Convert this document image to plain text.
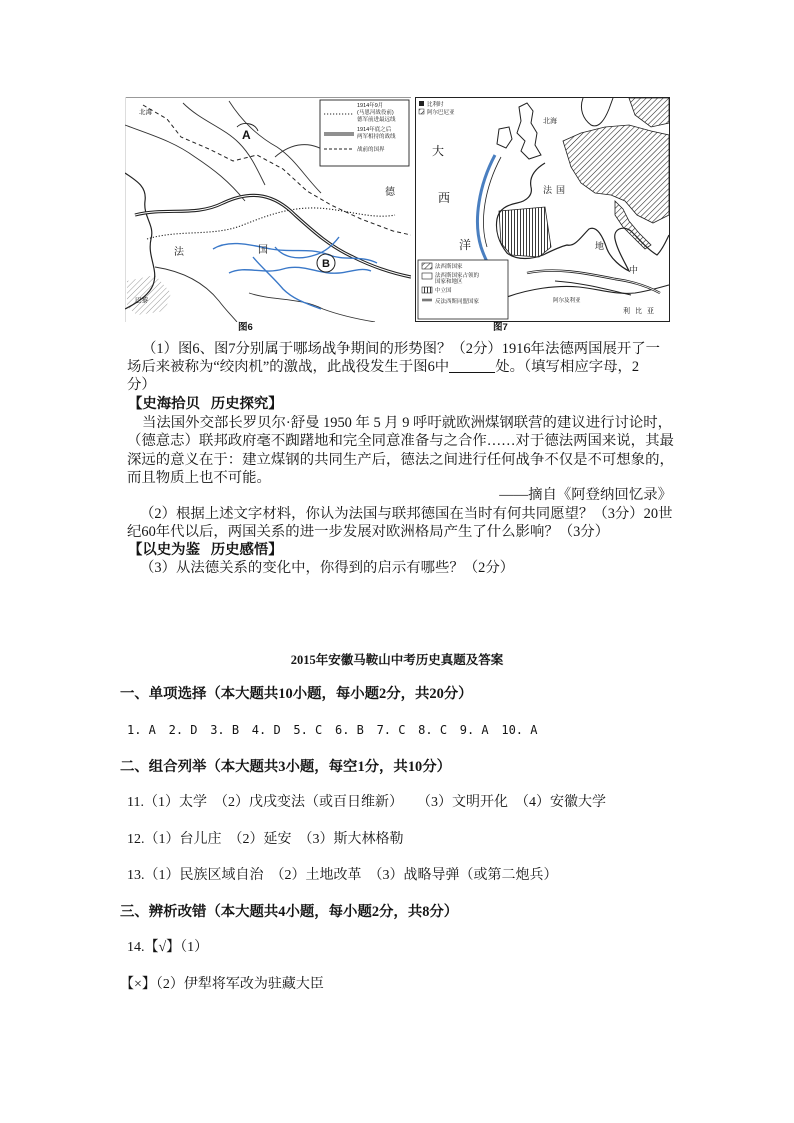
北海
A
B
德
法	国
巴黎
1914年9月
(马恩河战役前)
德军前进最远线
1914年底之后
两军相持的战线
战前的国界
图6
比利时
阿尔巴尼亚
大
西
洋
北海
法国
地
中
阿尔及利亚
利比亚
法西斯国家
法西斯国家占领的
国家和地区
中立国
反法西斯同盟国家
图7
（1）图6、图7分别属于哪场战争期间的形势图？（2分）1916年法德两国展开了一
场后来被称为“绞肉机”的激战，此战役发生于图6中	处。（填写相应字母，2
分）
【史海拾贝   历史探究】
当法国外交部长罗贝尔·舒曼 1950 年 5 月 9 呼吁就欧洲煤钢联营的建议进行讨论时，
（德意志）联邦政府毫不踟躇地和完全同意准备与之合作……对于德法两国来说，其最
深远的意义在于：建立煤钢的共同生产后，德法之间进行任何战争不仅是不可想象的，
而且物质上也不可能。
——摘自《阿登纳回忆录》
（2）根据上述文字材料，你认为法国与联邦德国在当时有何共同愿望？（3分）20世
纪60年代以后，两国关系的进一步发展对欧洲格局产生了什么影响？（3分）
【以史为鉴   历史感悟】
（3）从法德关系的变化中，你得到的启示有哪些？（2分）
2015年安徽马鞍山中考历史真题及答案
一、单项选择（本大题共10小题，每小题2分，共20分）
1. A	2. D	3. B	4. D	5. C	6. B	7. C	8. C	9. A	10. A
二、组合列举（本大题共3小题，每空1分，共10分）
11.（1）太学  （2）戊戌变法（或百日维新）    （3）文明开化  （4）安徽大学
12.（1）台儿庄  （2）延安  （3）斯大林格勒
13.（1）民族区域自治  （2）土地改革  （3）战略导弹（或第二炮兵）
三、辨析改错（本大题共4小题，每小题2分，共8分）
14.【√】（1）
【×】（2）伊犁将军改为驻藏大臣
